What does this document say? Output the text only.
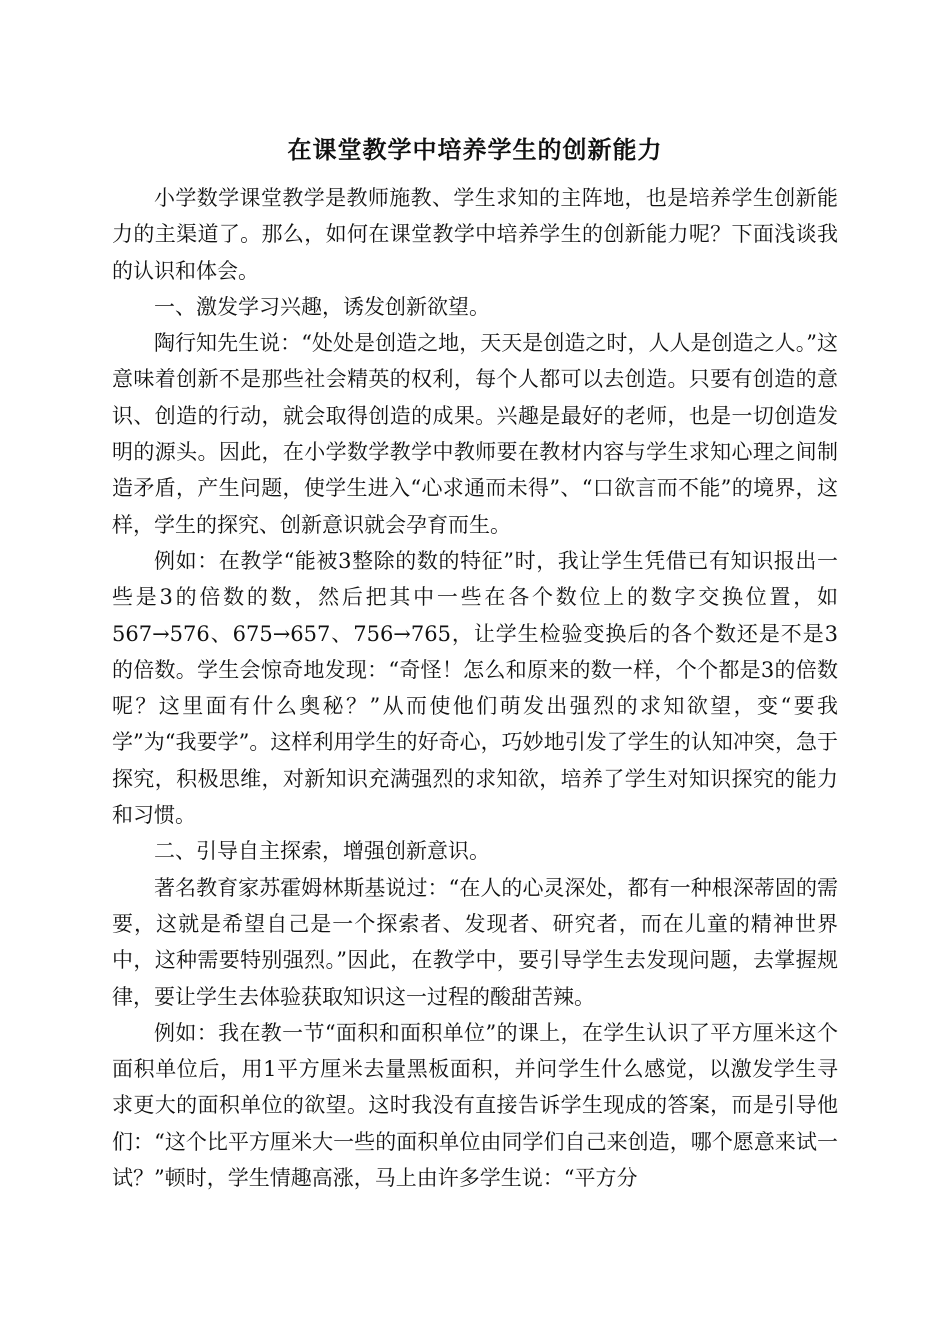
在课堂教学中培养学生的创新能力

小学数学课堂教学是教师施教、学生求知的主阵地，也是培养学生创新能力的主渠道了。那么，如何在课堂教学中培养学生的创新能力呢？下面浅谈我的认识和体会。

一、激发学习兴趣，诱发创新欲望。

陶行知先生说：“处处是创造之地，天天是创造之时，人人是创造之人。”这意味着创新不是那些社会精英的权利，每个人都可以去创造。只要有创造的意识、创造的行动，就会取得创造的成果。兴趣是最好的老师，也是一切创造发明的源头。因此，在小学数学教学中教师要在教材内容与学生求知心理之间制造矛盾，产生问题，使学生进入“心求通而未得”、“口欲言而不能”的境界，这样，学生的探究、创新意识就会孕育而生。

例如：在教学“能被3整除的数的特征”时，我让学生凭借已有知识报出一些是3的倍数的数，然后把其中一些在各个数位上的数字交换位置，如567→576、675→657、756→765，让学生检验变换后的各个数还是不是3的倍数。学生会惊奇地发现：“奇怪！怎么和原来的数一样，个个都是3的倍数呢？这里面有什么奥秘？”从而使他们萌发出强烈的求知欲望，变“要我学”为“我要学”。这样利用学生的好奇心，巧妙地引发了学生的认知冲突，急于探究，积极思维，对新知识充满强烈的求知欲，培养了学生对知识探究的能力和习惯。

二、引导自主探索，增强创新意识。

著名教育家苏霍姆林斯基说过：“在人的心灵深处，都有一种根深蒂固的需要，这就是希望自己是一个探索者、发现者、研究者，而在儿童的精神世界中，这种需要特别强烈。”因此，在教学中，要引导学生去发现问题，去掌握规律，要让学生去体验获取知识这一过程的酸甜苦辣。

例如：我在教一节“面积和面积单位”的课上，在学生认识了平方厘米这个面积单位后，用1平方厘米去量黑板面积，并问学生什么感觉，以激发学生寻求更大的面积单位的欲望。这时我没有直接告诉学生现成的答案，而是引导他们：“这个比平方厘米大一些的面积单位由同学们自己来创造，哪个愿意来试一试？”顿时，学生情趣高涨，马上由许多学生说：“平方分
